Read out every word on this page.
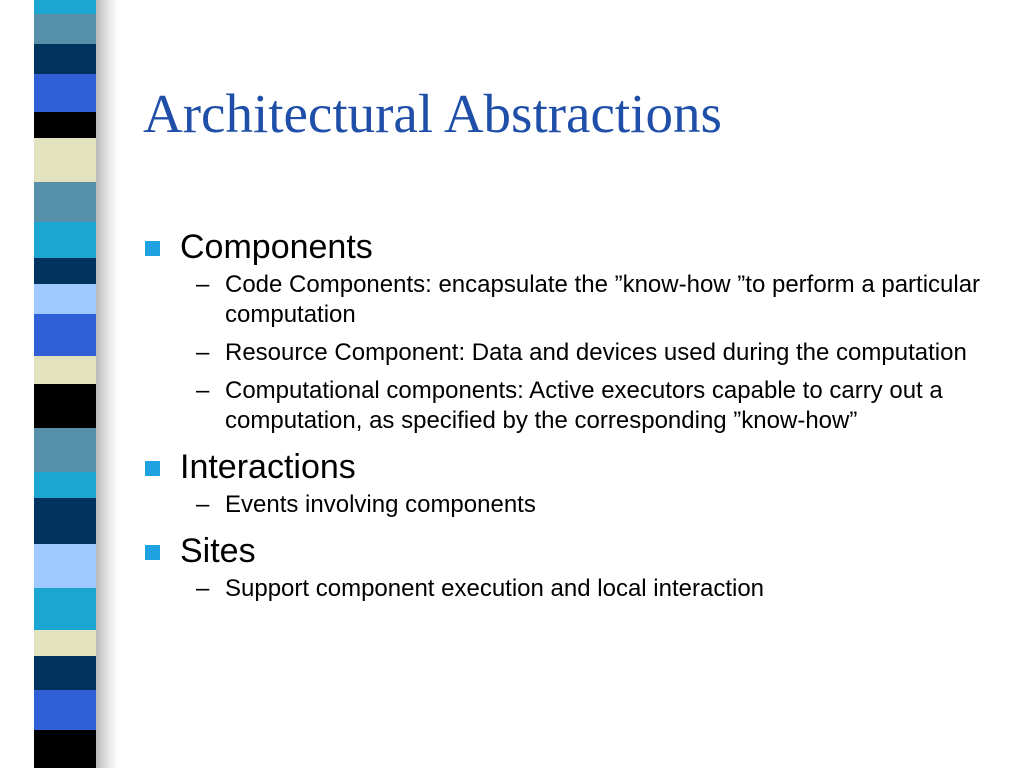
Architectural Abstractions
Components
– Code Components: encapsulate the ”know-how ”to perform a particular computation
– Resource Component: Data and devices used during the computation
– Computational components: Active executors capable to carry out a computation, as specified by the corresponding ”know-how”
Interactions
– Events involving components
Sites
– Support component execution and local interaction
